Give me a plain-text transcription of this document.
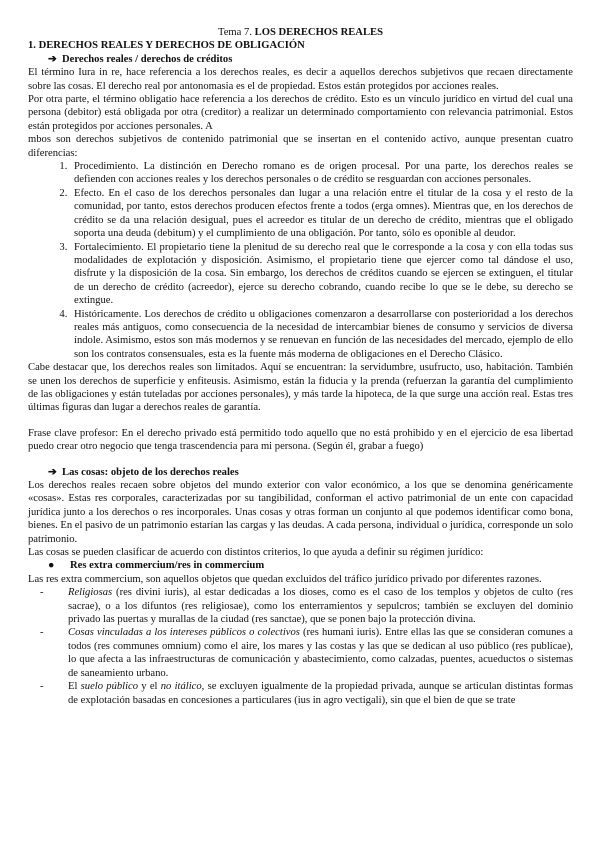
Tema 7. LOS DERECHOS REALES

1. DERECHOS REALES Y DERECHOS DE OBLIGACIÓN

➔ Derechos reales / derechos de créditos

El término Iura in re, hace referencia a los derechos reales, es decir a aquellos derechos subjetivos que recaen directamente sobre las cosas. El derecho real por antonomasia es el de propiedad. Estos están protegidos por acciones reales.

Por otra parte, el término obligatio hace referencia a los derechos de crédito. Esto es un vínculo jurídico en virtud del cual una persona (debitor) está obligada por otra (creditor) a realizar un determinado comportamiento con relevancia patrimonial. Estos están protegidos por acciones personales. A

mbos son derechos subjetivos de contenido patrimonial que se insertan en el contenido activo, aunque presentan cuatro diferencias:

1. Procedimiento. La distinción en Derecho romano es de origen procesal. Por una parte, los derechos reales se defienden con acciones reales y los derechos personales o de crédito se resguardan con acciones personales.
2. Efecto. En el caso de los derechos personales dan lugar a una relación entre el titular de la cosa y el resto de la comunidad, por tanto, estos derechos producen efectos frente a todos (erga omnes). Mientras que, en los derechos de crédito se da una relación desigual, pues el acreedor es titular de un derecho de crédito, mientras que el obligado soporta una deuda (debitum) y el cumplimiento de una obligación. Por tanto, sólo es oponible al deudor.
3. Fortalecimiento. El propietario tiene la plenitud de su derecho real que le corresponde a la cosa y con ella todas sus modalidades de explotación y disposición. Asimismo, el propietario tiene que ejercer como tal dándose el uso, disfrute y la disposición de la cosa. Sin embargo, los derechos de créditos cuando se ejercen se extinguen, el titular de un derecho de crédito (acreedor), ejerce su derecho cobrando, cuando recibe lo que se le debe, su derecho se extingue.
4. Históricamente. Los derechos de crédito u obligaciones comenzaron a desarrollarse con posterioridad a los derechos reales más antiguos, como consecuencia de la necesidad de intercambiar bienes de consumo y servicios de diversa índole. Asimismo, estos son más modernos y se renuevan en función de las necesidades del mercado, ejemplo de ello son los contratos consensuales, esta es la fuente más moderna de obligaciones en el Derecho Clásico.

Cabe destacar que, los derechos reales son limitados. Aquí se encuentran: la servidumbre, usufructo, uso, habitación. También se unen los derechos de superficie y enfiteusis. Asimismo, están la fiducia y la prenda (refuerzan la garantía del cumplimiento de las obligaciones y están tuteladas por acciones personales), y más tarde la hipoteca, de la que surge una acción real. Estas tres últimas figuras dan lugar a derechos reales de garantía.

Frase clave profesor: En el derecho privado está permitido todo aquello que no está prohibido y en el ejercicio de esa libertad puedo crear otro negocio que tenga trascendencia para mi persona. (Según él, grabar a fuego)

➔ Las cosas: objeto de los derechos reales

Los derechos reales recaen sobre objetos del mundo exterior con valor económico, a los que se denomina genéricamente «cosas». Estas res corporales, caracterizadas por su tangibilidad, conforman el activo patrimonial de un ente con capacidad jurídica junto a los derechos o res incorporales. Unas cosas y otras forman un conjunto al que podemos identificar como bona, bienes. En el pasivo de un patrimonio estarían las cargas y las deudas. A cada persona, individual o jurídica, corresponde un solo patrimonio.

Las cosas se pueden clasificar de acuerdo con distintos criterios, lo que ayuda a definir su régimen jurídico:

● Res extra commercium/res in commercium

Las res extra commercium, son aquellos objetos que quedan excluidos del tráfico jurídico privado por diferentes razones.

- Religiosas (res divini iuris), al estar dedicadas a los dioses, como es el caso de los templos y objetos de culto (res sacrae), o a los difuntos (res religiosae), como los enterramientos y sepulcros; también se excluyen del dominio privado las puertas y murallas de la ciudad (res sanctae), que se ponen bajo la protección divina.
- Cosas vinculadas a los intereses públicos o colectivos (res humani iuris). Entre ellas las que se consideran comunes a todos (res communes omnium) como el aire, los mares y las costas y las que se dedican al uso público (res publicae), lo que afecta a las infraestructuras de comunicación y abastecimiento, como calzadas, puentes, acueductos o sistemas de saneamiento urbano.
- El suelo público y el no itálico, se excluyen igualmente de la propiedad privada, aunque se articulan distintas formas de explotación basadas en concesiones a particulares (ius in agro vectigali), sin que el bien de que se trate
